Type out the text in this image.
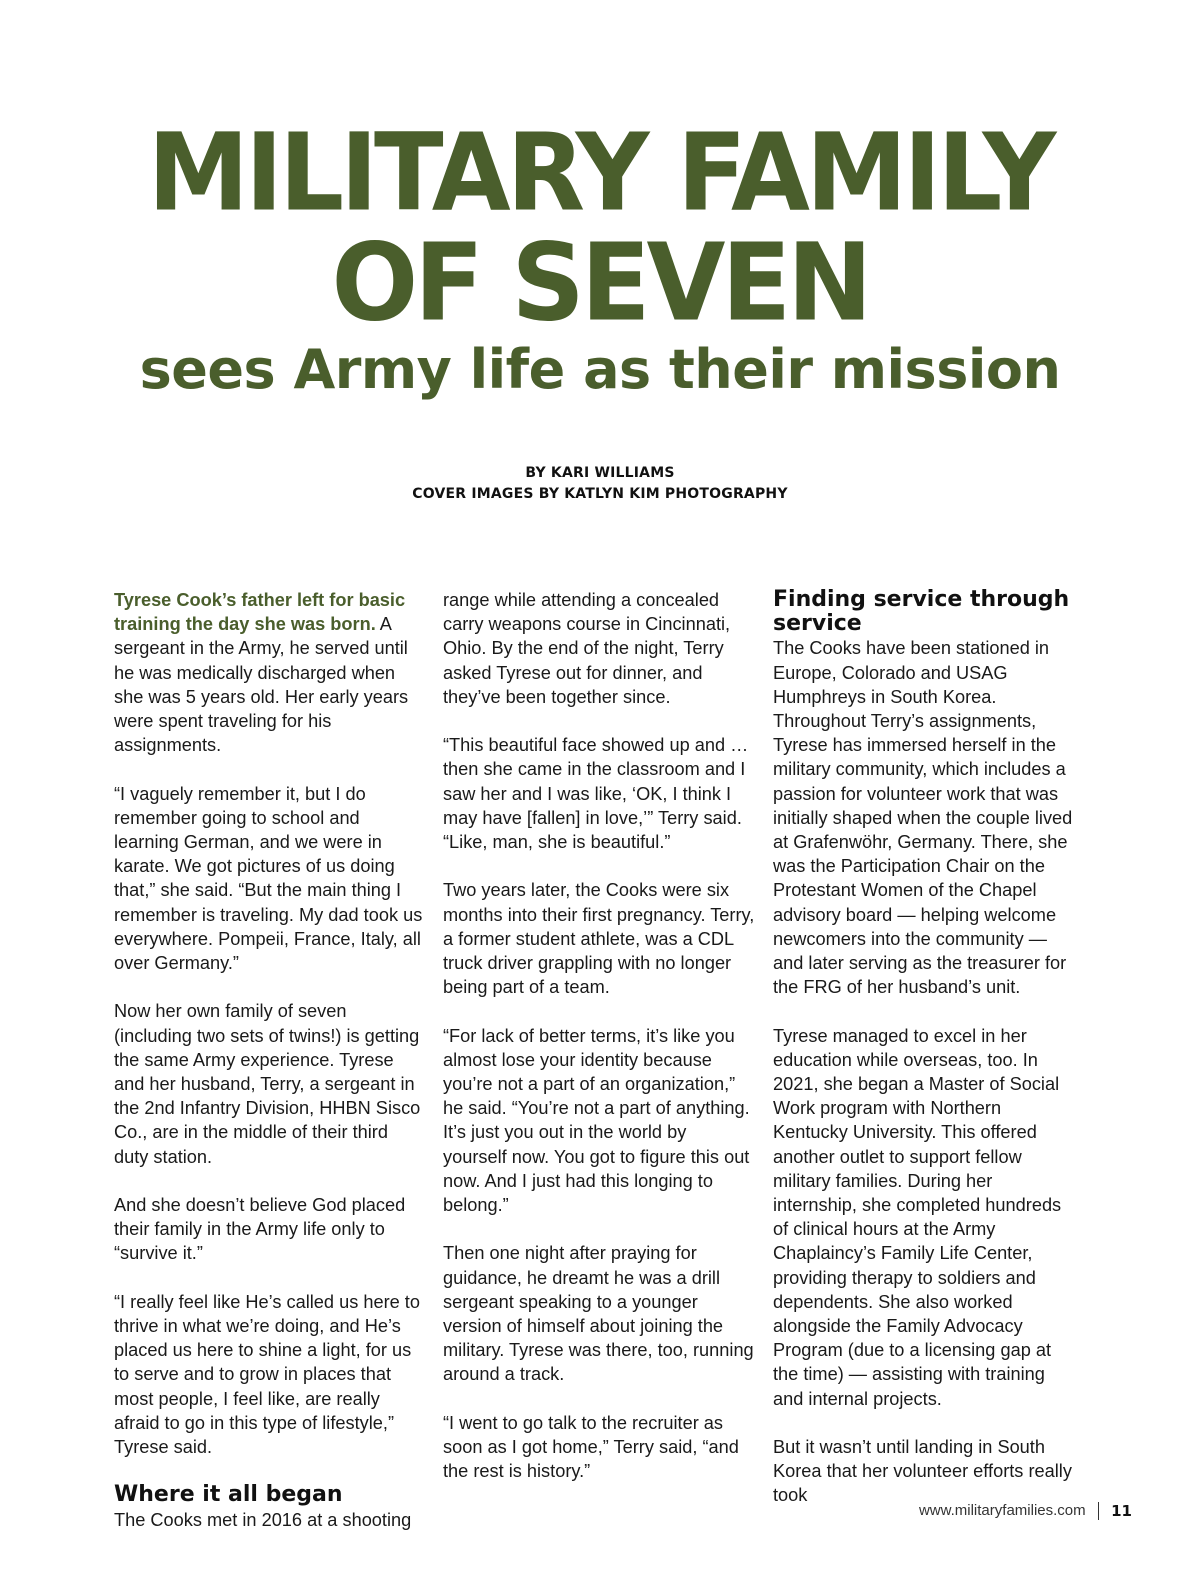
MILITARY FAMILY
OF SEVEN
sees Army life as their mission
BY KARI WILLIAMS
COVER IMAGES BY KATLYN KIM PHOTOGRAPHY

Tyrese Cook’s father left for basic training the day she was born. A sergeant in the Army, he served until he was medically discharged when she was 5 years old. Her early years were spent traveling for his assignments.

“I vaguely remember it, but I do remember going to school and learning German, and we were in karate. We got pictures of us doing that,” she said. “But the main thing I remember is traveling. My dad took us everywhere. Pompeii, France, Italy, all over Germany.”

Now her own family of seven (including two sets of twins!) is getting the same Army experience. Tyrese and her husband, Terry, a sergeant in the 2nd Infantry Division, HHBN Sisco Co., are in the middle of their third duty station.

And she doesn’t believe God placed their family in the Army life only to “survive it.”

“I really feel like He’s called us here to thrive in what we’re doing, and He’s placed us here to shine a light, for us to serve and to grow in places that most people, I feel like, are really afraid to go in this type of lifestyle,” Tyrese said.

Where it all began

The Cooks met in 2016 at a shooting

range while attending a concealed carry weapons course in Cincinnati, Ohio. By the end of the night, Terry asked Tyrese out for dinner, and they’ve been together since.

“This beautiful face showed up and … then she came in the classroom and I saw her and I was like, ‘OK, I think I may have [fallen] in love,’” Terry said. “Like, man, she is beautiful.”

Two years later, the Cooks were six months into their first pregnancy. Terry, a former student athlete, was a CDL truck driver grappling with no longer being part of a team.

“For lack of better terms, it’s like you almost lose your identity because you’re not a part of an organization,” he said. “You’re not a part of anything. It’s just you out in the world by yourself now. You got to figure this out now. And I just had this longing to belong.”

Then one night after praying for guidance, he dreamt he was a drill sergeant speaking to a younger version of himself about joining the military. Tyrese was there, too, running around a track.

“I went to go talk to the recruiter as soon as I got home,” Terry said, “and the rest is history.”

Finding service through service

The Cooks have been stationed in Europe, Colorado and USAG Humphreys in South Korea. Throughout Terry’s assignments, Tyrese has immersed herself in the military community, which includes a passion for volunteer work that was initially shaped when the couple lived at Grafenwöhr, Germany. There, she was the Participation Chair on the Protestant Women of the Chapel advisory board — helping welcome newcomers into the community — and later serving as the treasurer for the FRG of her husband’s unit.

Tyrese managed to excel in her education while overseas, too. In 2021, she began a Master of Social Work program with Northern Kentucky University. This offered another outlet to support fellow military families. During her internship, she completed hundreds of clinical hours at the Army Chaplaincy’s Family Life Center, providing therapy to soldiers and dependents. She also worked alongside the Family Advocacy Program (due to a licensing gap at the time) — assisting with training and internal projects.

But it wasn’t until landing in South Korea that her volunteer efforts really took

www.militaryfamilies.com 11
